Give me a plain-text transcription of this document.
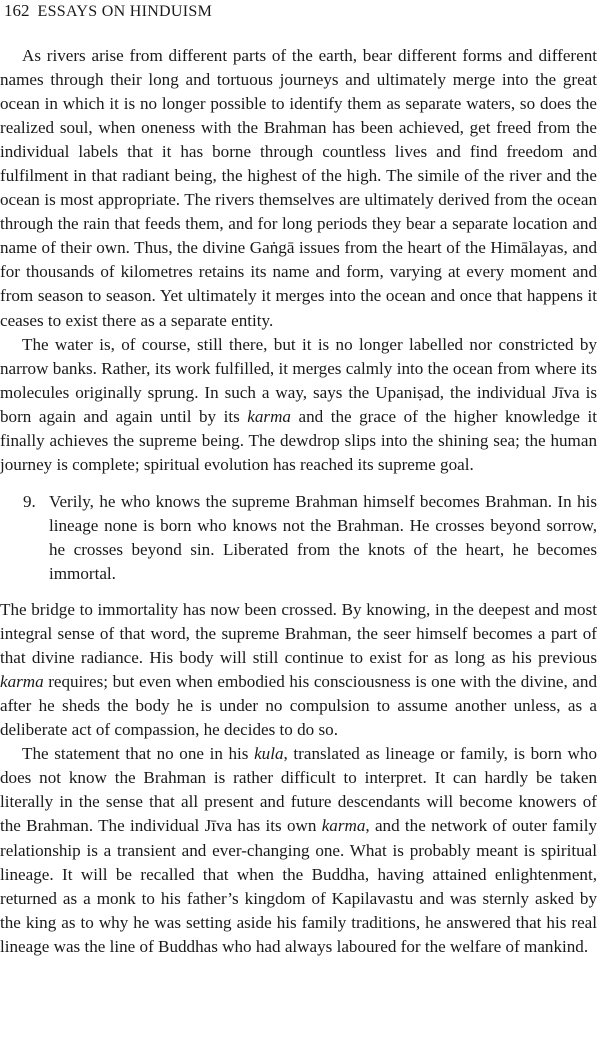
162 ESSAYS ON HINDUISM

As rivers arise from different parts of the earth, bear different forms and different names through their long and tortuous journeys and ultimately merge into the great ocean in which it is no longer possible to identify them as separate waters, so does the realized soul, when oneness with the Brahman has been achieved, get freed from the individual labels that it has borne through countless lives and find freedom and fulfilment in that radiant being, the highest of the high. The simile of the river and the ocean is most appropriate. The rivers themselves are ultimately derived from the ocean through the rain that feeds them, and for long periods they bear a separate location and name of their own. Thus, the divine Gaṅgā issues from the heart of the Himālayas, and for thousands of kilometres retains its name and form, varying at every moment and from season to season. Yet ultimately it merges into the ocean and once that happens it ceases to exist there as a separate entity.

The water is, of course, still there, but it is no longer labelled nor constricted by narrow banks. Rather, its work fulfilled, it merges calmly into the ocean from where its molecules originally sprung. In such a way, says the Upaniṣad, the individual Jīva is born again and again until by its karma and the grace of the higher knowledge it finally achieves the supreme being. The dewdrop slips into the shining sea; the human journey is complete; spiritual evolution has reached its supreme goal.

9. Verily, he who knows the supreme Brahman himself becomes Brahman. In his lineage none is born who knows not the Brahman. He crosses beyond sorrow, he crosses beyond sin. Liberated from the knots of the heart, he becomes immortal.

The bridge to immortality has now been crossed. By knowing, in the deepest and most integral sense of that word, the supreme Brahman, the seer himself becomes a part of that divine radiance. His body will still continue to exist for as long as his previous karma requires; but even when embodied his consciousness is one with the divine, and after he sheds the body he is under no compulsion to assume another unless, as a deliberate act of compassion, he decides to do so.

The statement that no one in his kula, translated as lineage or family, is born who does not know the Brahman is rather difficult to interpret. It can hardly be taken literally in the sense that all present and future descendants will become knowers of the Brahman. The individual Jīva has its own karma, and the network of outer family relationship is a transient and ever-changing one. What is probably meant is spiritual lineage. It will be recalled that when the Buddha, having attained enlightenment, returned as a monk to his father’s kingdom of Kapilavastu and was sternly asked by the king as to why he was setting aside his family traditions, he answered that his real lineage was the line of Buddhas who had always laboured for the welfare of mankind.
